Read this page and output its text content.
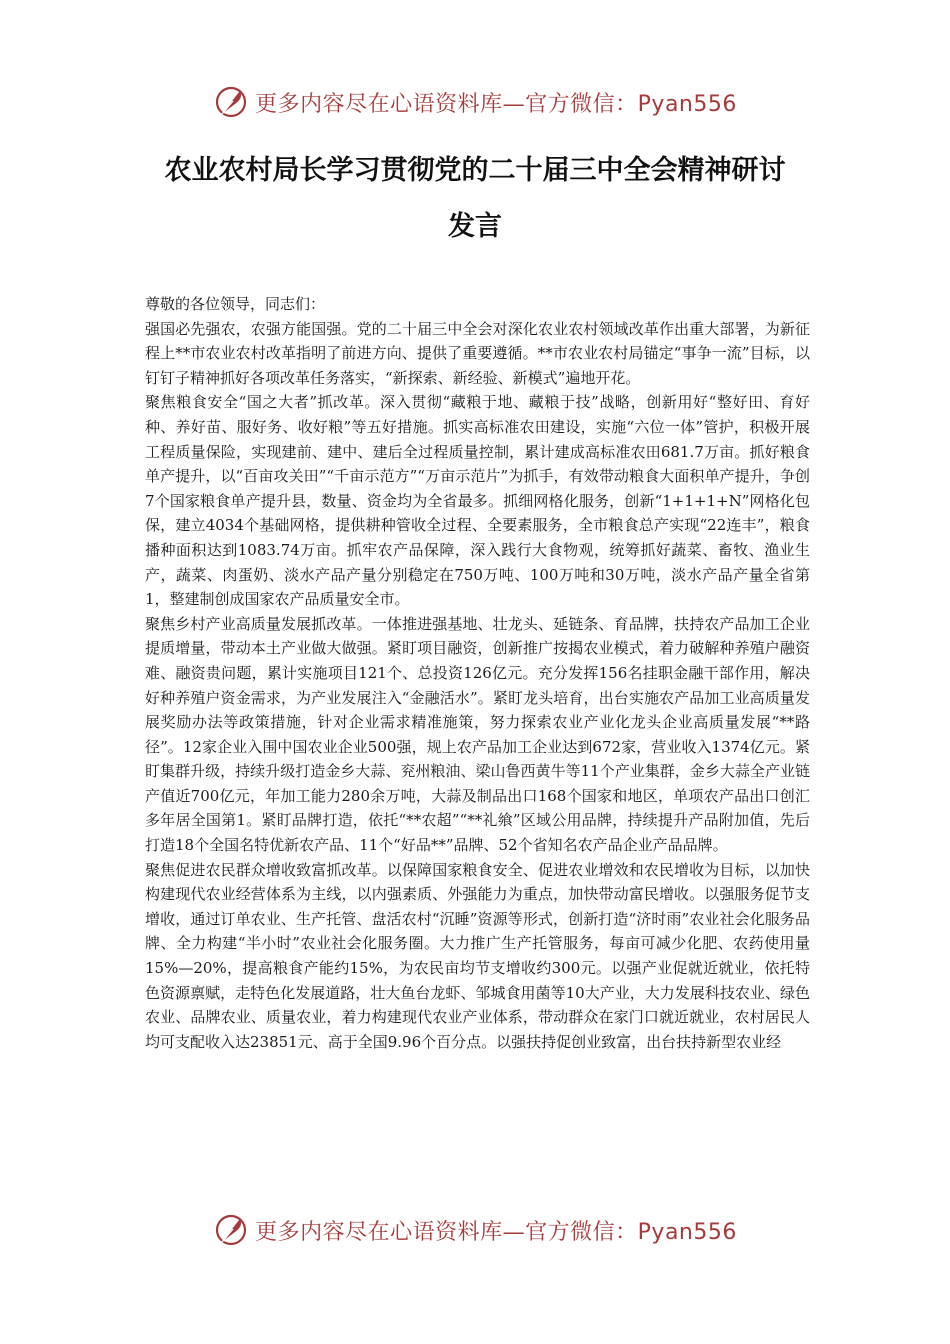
更多内容尽在心语资料库—官方微信：Pyan556
农业农村局长学习贯彻党的二十届三中全会精神研讨
发言

尊敬的各位领导，同志们：

强国必先强农，农强方能国强。党的二十届三中全会对深化农业农村领域改革作出重大部署，为新征程上**市农业农村改革指明了前进方向、提供了重要遵循。**市农业农村局锚定“事争一流”目标，以钉钉子精神抓好各项改革任务落实，“新探索、新经验、新模式”遍地开花。

聚焦粮食安全“国之大者”抓改革。深入贯彻“藏粮于地、藏粮于技”战略，创新用好“整好田、育好种、养好苗、服好务、收好粮”等五好措施。抓实高标准农田建设，实施“六位一体”管护，积极开展工程质量保险，实现建前、建中、建后全过程质量控制，累计建成高标准农田681.7万亩。抓好粮食单产提升，以“百亩攻关田”“千亩示范方”“万亩示范片”为抓手，有效带动粮食大面积单产提升，争创7个国家粮食单产提升县，数量、资金均为全省最多。抓细网格化服务，创新“1+1+1+N”网格化包保，建立4034个基础网格，提供耕种管收全过程、全要素服务，全市粮食总产实现“22连丰”，粮食播种面积达到1083.74万亩。抓牢农产品保障，深入践行大食物观，统筹抓好蔬菜、畜牧、渔业生产，蔬菜、肉蛋奶、淡水产品产量分别稳定在750万吨、100万吨和30万吨，淡水产品产量全省第1，整建制创成国家农产品质量安全市。

聚焦乡村产业高质量发展抓改革。一体推进强基地、壮龙头、延链条、育品牌，扶持农产品加工企业提质增量，带动本土产业做大做强。紧盯项目融资，创新推广按揭农业模式，着力破解种养殖户融资难、融资贵问题，累计实施项目121个、总投资126亿元。充分发挥156名挂职金融干部作用，解决好种养殖户资金需求，为产业发展注入“金融活水”。紧盯龙头培育，出台实施农产品加工业高质量发展奖励办法等政策措施，针对企业需求精准施策，努力探索农业产业化龙头企业高质量发展“**路径”。12家企业入围中国农业企业500强，规上农产品加工企业达到672家，营业收入1374亿元。紧盯集群升级，持续升级打造金乡大蒜、兖州粮油、梁山鲁西黄牛等11个产业集群，金乡大蒜全产业链产值近700亿元，年加工能力280余万吨，大蒜及制品出口168个国家和地区，单项农产品出口创汇多年居全国第1。紧盯品牌打造，依托“**农超”“**礼飨”区域公用品牌，持续提升产品附加值，先后打造18个全国名特优新农产品、11个“好品**”品牌、52个省知名农产品企业产品品牌。

聚焦促进农民群众增收致富抓改革。以保障国家粮食安全、促进农业增效和农民增收为目标，以加快构建现代农业经营体系为主线，以内强素质、外强能力为重点，加快带动富民增收。以强服务促节支增收，通过订单农业、生产托管、盘活农村“沉睡”资源等形式，创新打造“济时雨”农业社会化服务品牌、全力构建“半小时”农业社会化服务圈。大力推广生产托管服务，每亩可减少化肥、农药使用量15%—20%，提高粮食产能约15%，为农民亩均节支增收约300元。以强产业促就近就业，依托特色资源禀赋，走特色化发展道路，壮大鱼台龙虾、邹城食用菌等10大产业，大力发展科技农业、绿色农业、品牌农业、质量农业，着力构建现代农业产业体系，带动群众在家门口就近就业，农村居民人均可支配收入达23851元、高于全国9.96个百分点。以强扶持促创业致富，出台扶持新型农业经

更多内容尽在心语资料库—官方微信：Pyan556
